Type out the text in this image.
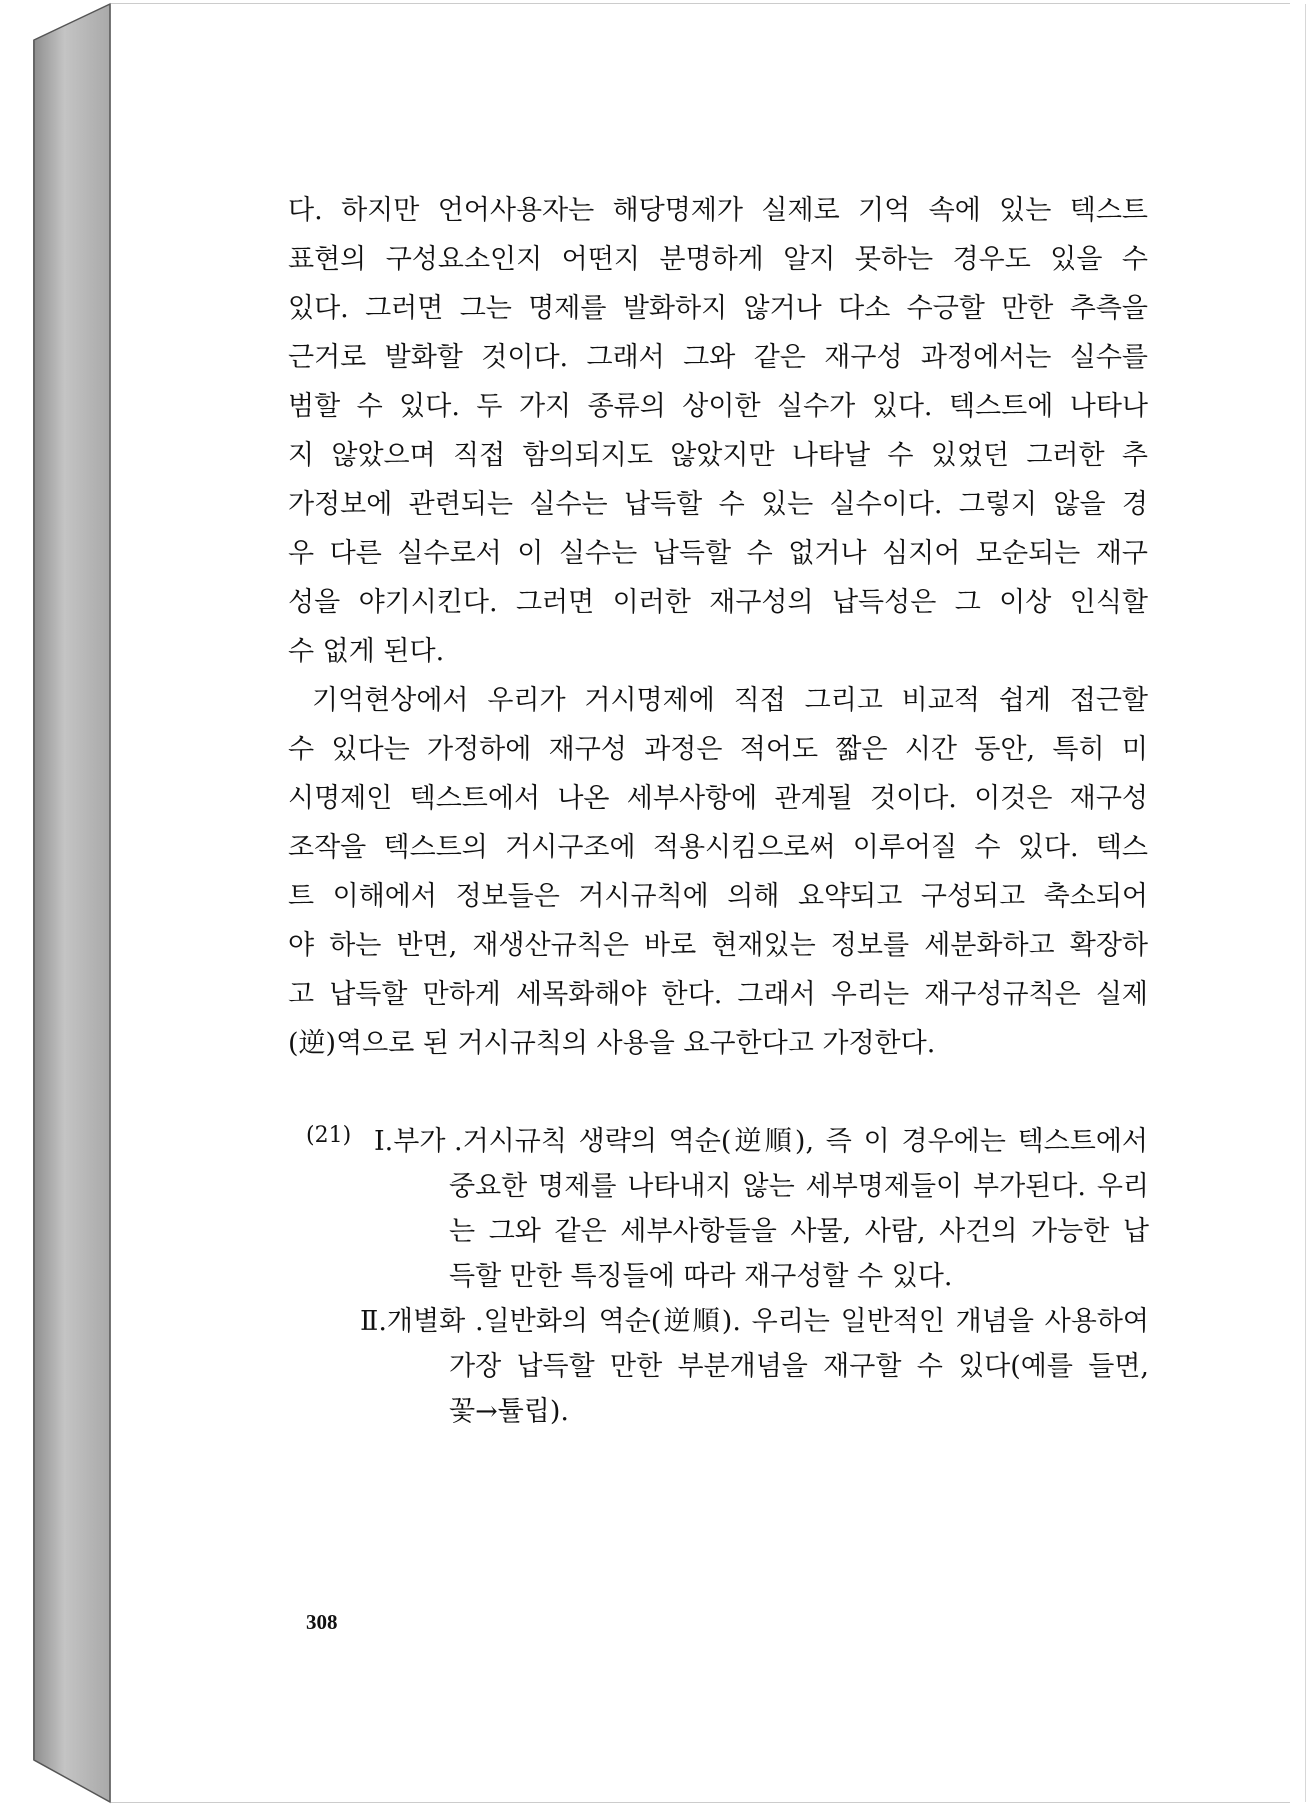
다. 하지만 언어사용자는 해당명제가 실제로 기억 속에 있는 텍스트
표현의 구성요소인지 어떤지 분명하게 알지 못하는 경우도 있을 수
있다. 그러면 그는 명제를 발화하지 않거나 다소 수긍할 만한 추측을
근거로 발화할 것이다. 그래서 그와 같은 재구성 과정에서는 실수를
범할 수 있다. 두 가지 종류의 상이한 실수가 있다. 텍스트에 나타나
지 않았으며 직접 함의되지도 않았지만 나타날 수 있었던 그러한 추
가정보에 관련되는 실수는 납득할 수 있는 실수이다. 그렇지 않을 경
우 다른 실수로서 이 실수는 납득할 수 없거나 심지어 모순되는 재구
성을 야기시킨다. 그러면 이러한 재구성의 납득성은 그 이상 인식할
수 없게 된다.
기억현상에서 우리가 거시명제에 직접 그리고 비교적 쉽게 접근할
수 있다는 가정하에 재구성 과정은 적어도 짧은 시간 동안, 특히 미
시명제인 텍스트에서 나온 세부사항에 관계될 것이다. 이것은 재구성
조작을 텍스트의 거시구조에 적용시킴으로써 이루어질 수 있다. 텍스
트 이해에서 정보들은 거시규칙에 의해 요약되고 구성되고 축소되어
야 하는 반면, 재생산규칙은 바로 현재있는 정보를 세분화하고 확장하
고 납득할 만하게 세목화해야 한다. 그래서 우리는 재구성규칙은 실제
(逆)역으로 된 거시규칙의 사용을 요구한다고 가정한다.
(21)	.거시규칙 생략의 역순(逆順), 즉 이 경우에는 텍스트에서
중요한 명제를 나타내지 않는 세부명제들이 부가된다. 우리
는 그와 같은 세부사항들을 사물, 사람, 사건의 가능한 납
득할 만한 특징들에 따라 재구성할 수 있다.
.일반화의 역순(逆順). 우리는 일반적인 개념을 사용하여
가장 납득할 만한 부분개념을 재구할 수 있다(예를 들면,
꽃→튤립).
308
